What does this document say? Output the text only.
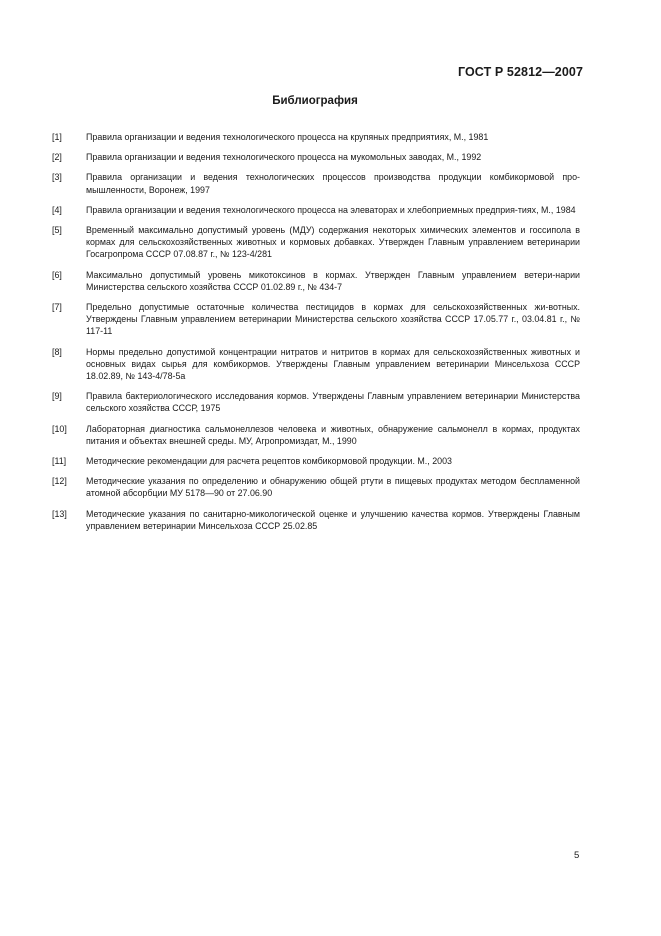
ГОСТ Р 52812—2007
Библиография
[1]	Правила организации и ведения технологического процесса на крупяных предприятиях, М., 1981
[2]	Правила организации и ведения технологического процесса на мукомольных заводах, М., 1992
[3]	Правила организации и ведения технологических процессов производства продукции комбикормовой про-мышленности, Воронеж, 1997
[4]	Правила организации и ведения технологического процесса на элеваторах и хлебоприемных предприя-тиях, М., 1984
[5]	Временный максимально допустимый уровень (МДУ) содержания некоторых химических элементов и госсипола в кормах для сельскохозяйственных животных и кормовых добавках. Утвержден Главным управлением ветеринарии Госагропрома СССР 07.08.87 г., № 123-4/281
[6]	Максимально допустимый уровень микотоксинов в кормах. Утвержден Главным управлением ветери-нарии Министерства сельского хозяйства СССР 01.02.89 г., № 434-7
[7]	Предельно допустимые остаточные количества пестицидов в кормах для сельскохозяйственных жи-вотных. Утверждены Главным управлением ветеринарии Министерства сельского хозяйства СССР 17.05.77 г., 03.04.81 г., № 117-11
[8]	Нормы предельно допустимой концентрации нитратов и нитритов в кормах для сельскохозяйственных животных и основных видах сырья для комбикормов. Утверждены Главным управлением ветеринарии Минсельхоза СССР 18.02.89, № 143-4/78-5а
[9]	Правила бактериологического исследования кормов. Утверждены Главным управлением ветеринарии Министерства сельского хозяйства СССР, 1975
[10]	Лабораторная диагностика сальмонеллезов человека и животных, обнаружение сальмонелл в кормах, продуктах питания и объектах внешней среды. МУ, Агропромиздат, М., 1990
[11]	Методические рекомендации для расчета рецептов комбикормовой продукции. М., 2003
[12]	Методические указания по определению и обнаружению общей ртути в пищевых продуктах методом беспламенной атомной абсорбции МУ 5178—90 от 27.06.90
[13]	Методические указания по санитарно-микологической оценке и улучшению качества кормов. Утверждены Главным управлением ветеринарии Минсельхоза СССР 25.02.85
5
